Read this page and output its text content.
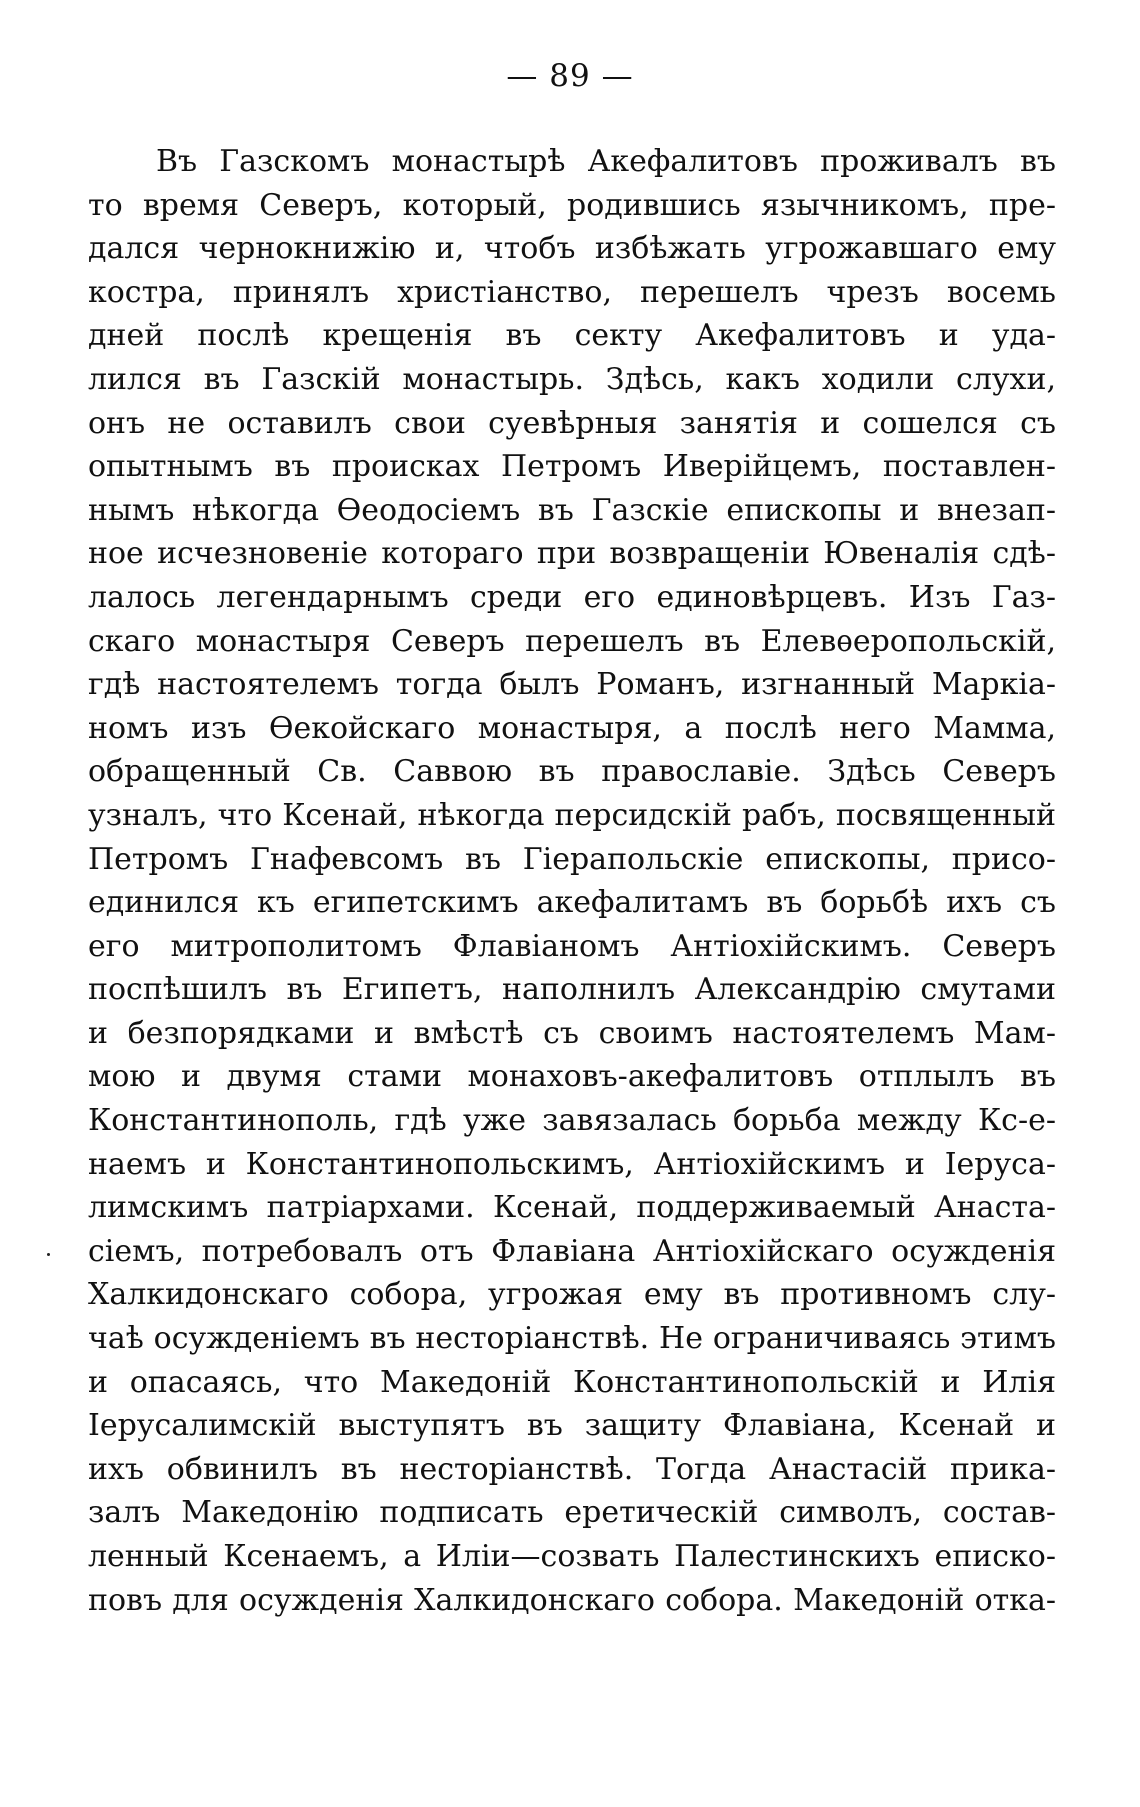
— 89 —
Въ Газскомъ монастырѣ Акефалитовъ проживалъ въ
то время Северъ, который, родившись язычникомъ, пре-
дался чернокнижію и, чтобъ избѣжать угрожавшаго ему
костра, принялъ христіанство, перешелъ чрезъ восемь
дней послѣ крещенія въ секту Акефалитовъ и уда-
лился въ Газскій монастырь. Здѣсь, какъ ходили слухи,
онъ не оставилъ свои суевѣрныя занятія и сошелся съ
опытнымъ въ происках Петромъ Иверійцемъ, поставлен-
нымъ нѣкогда Ѳеодосіемъ въ Газскіе епископы и внезап-
ное исчезновеніе котораго при возвращеніи Ювеналія сдѣ-
лалось легендарнымъ среди его единовѣрцевъ. Изъ Газ-
скаго монастыря Северъ перешелъ въ Елевѳеропольскій,
гдѣ настоятелемъ тогда былъ Романъ, изгнанный Маркіа-
номъ изъ Ѳекойскаго монастыря, а послѣ него Мамма,
обращенный Св. Саввою въ православіе. Здѣсь Северъ
узналъ, что Ксенай, нѣкогда персидскій рабъ, посвященный
Петромъ Гнафевсомъ въ Гіерапольскіе епископы, присо-
единился къ египетскимъ акефалитамъ въ борьбѣ ихъ съ
его митрополитомъ Флавіаномъ Антіохійскимъ. Северъ
поспѣшилъ въ Египетъ, наполнилъ Александрію смутами
и безпорядками и вмѣстѣ съ своимъ настоятелемъ Мам-
мою и двумя стами монаховъ-акефалитовъ отплылъ въ
Константинополь, гдѣ уже завязалась борьба между Кс-е-
наемъ и Константинопольскимъ, Антіохійскимъ и Іеруса-
лимскимъ патріархами. Ксенай, поддерживаемый Анаста-
сіемъ, потребовалъ отъ Флавіана Антіохійскаго осужденія
Халкидонскаго собора, угрожая ему въ противномъ слу-
чаѣ осужденіемъ въ несторіанствѣ. Не ограничиваясь этимъ
и опасаясь, что Македоній Константинопольскій и Илія
Іерусалимскій выступятъ въ защиту Флавіана, Ксенай и
ихъ обвинилъ въ несторіанствѣ. Тогда Анастасій прика-
залъ Македонію подписать еретическій символъ, состав-
ленный Ксенаемъ, а Иліи—созвать Палестинскихъ еписко-
повъ для осужденія Халкидонскаго собора. Македоній отка-
